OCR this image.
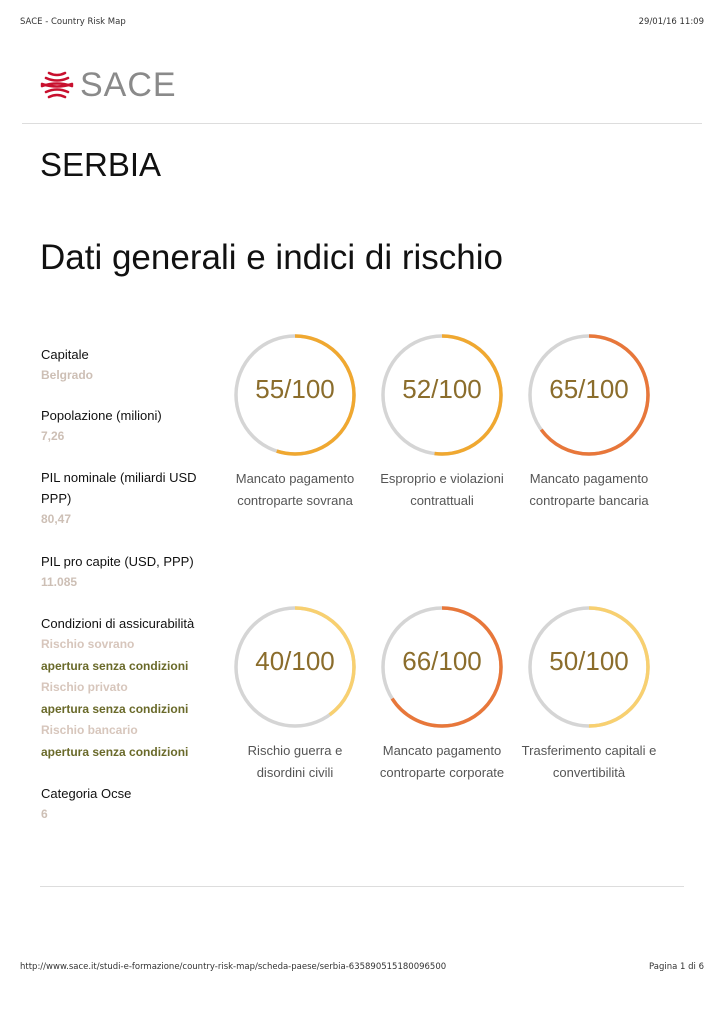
SACE - Country Risk Map	29/01/16 11:09
SACE
SERBIA
Dati generali e indici di rischio
Capitale
Belgrado
Popolazione (milioni)
7,26
PIL nominale (miliardi USD PPP)
80,47
PIL pro capite (USD, PPP)
11.085
Condizioni di assicurabilità
Rischio sovrano
apertura senza condizioni
Rischio privato
apertura senza condizioni
Rischio bancario
apertura senza condizioni
Categoria Ocse
6
55/100
Mancato pagamento
controparte sovrana
52/100
Esproprio e violazioni
contrattuali
65/100
Mancato pagamento
controparte bancaria
40/100
Rischio guerra e
disordini civili
66/100
Mancato pagamento
controparte corporate
50/100
Trasferimento capitali e
convertibilità
http://www.sace.it/studi-e-formazione/country-risk-map/scheda-paese/serbia-635890515180096500	Pagina 1 di 6
